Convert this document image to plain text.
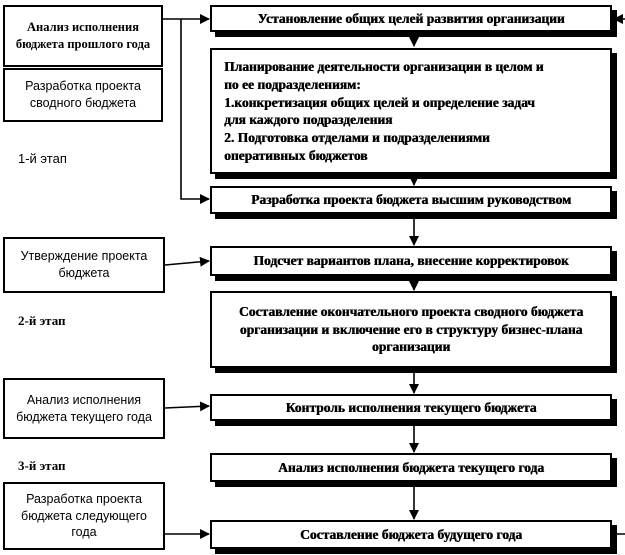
Анализ исполнения бюджета прошлого года
Разработка проекта сводного бюджета
1-й этап
Утверждение проекта бюджета
2-й этап
Анализ исполнения бюджета текущего года
3-й этап
Разработка проекта бюджета следующего года
Установление общих целей развития организации
Планирование деятельности организации в целом и
по ее подразделениям:
1.конкретизация общих целей и определение задач
для каждого подразделения
2. Подготовка отделами и подразделениями
оперативных бюджетов
Разработка проекта бюджета высшим руководством
Подсчет вариантов плана, внесение корректировок
Составление окончательного проекта сводного бюджета организации и включение его в структуру бизнес-плана организации
Контроль исполнения текущего бюджета
Анализ исполнения бюджета текущего года
Составление бюджета будущего года
